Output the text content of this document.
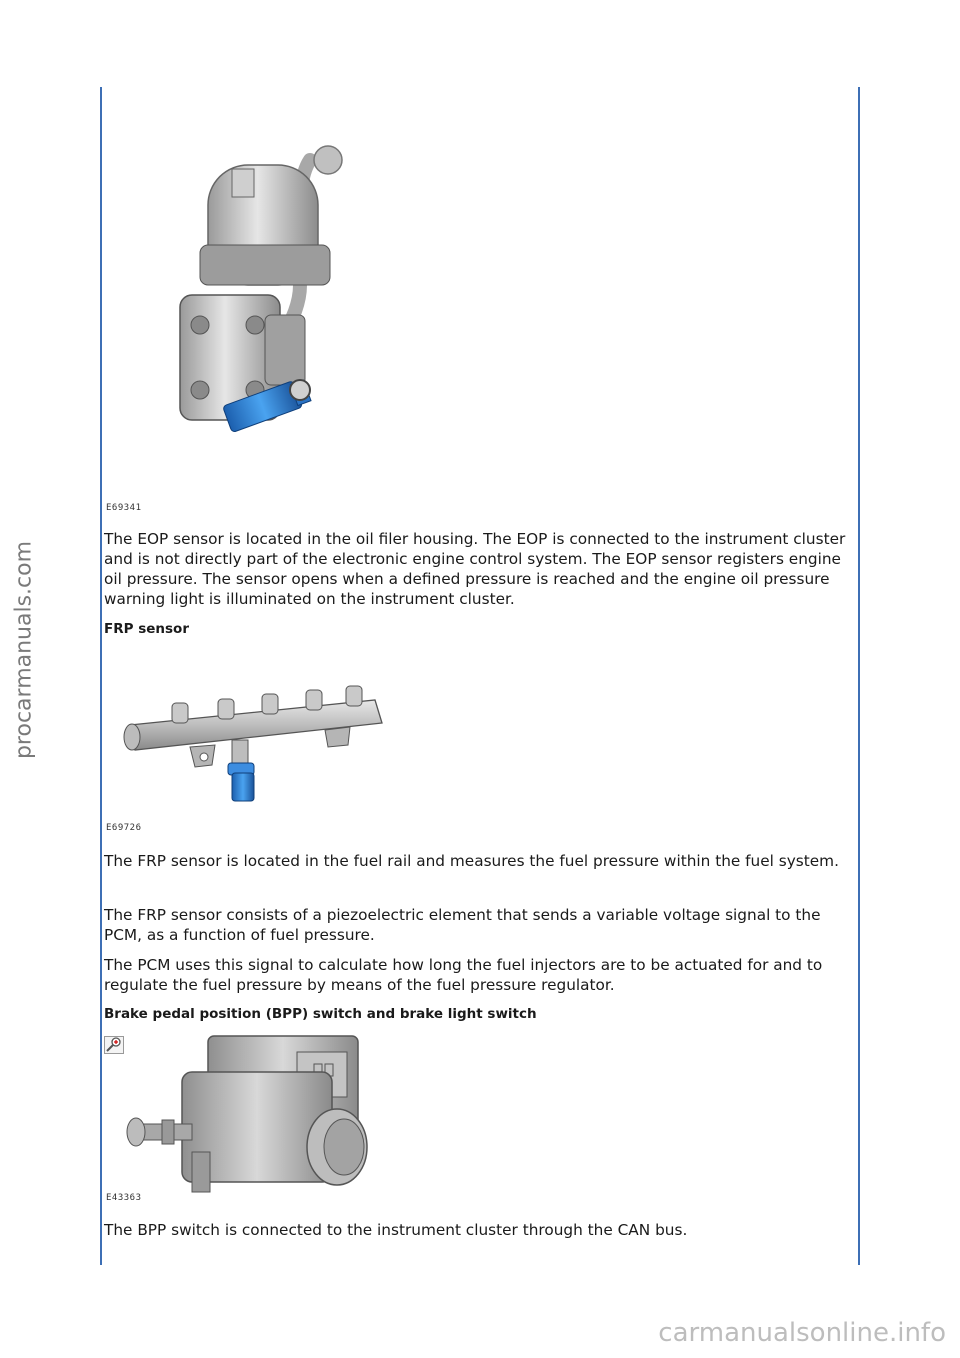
procarmanuals.com
E69341

The EOP sensor is located in the oil filer housing. The EOP is connected to the instrument cluster and is not directly part of the electronic engine control system. The EOP sensor registers engine oil pressure. The sensor opens when a defined pressure is reached and the engine oil pressure warning light is illuminated on the instrument cluster.

FRP sensor

E69726

The FRP sensor is located in the fuel rail and measures the fuel pressure within the fuel system.

The FRP sensor consists of a piezoelectric element that sends a variable voltage signal to the PCM, as a function of fuel pressure.

The PCM uses this signal to calculate how long the fuel injectors are to be actuated for and to regulate the fuel pressure by means of the fuel pressure regulator.

Brake pedal position (BPP) switch and brake light switch

E43363

The BPP switch is connected to the instrument cluster through the CAN bus.

carmanualsonline.info
